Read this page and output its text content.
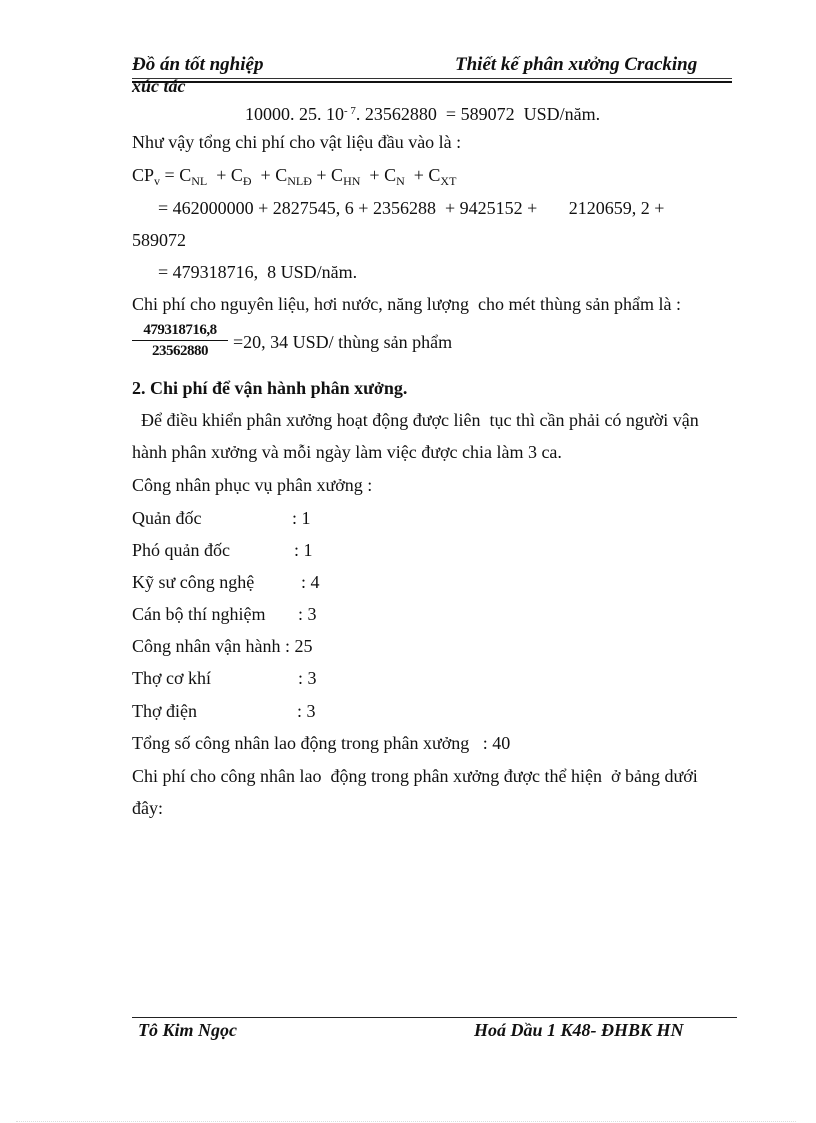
Đồ án tốt nghiệp	Thiết kế phân xưởng Cracking
xúc tác
10000. 25. $10^{- 7}$. 23562880  = 589072  USD/năm.
Như vậy tổng chi phí cho vật liệu đầu vào là :
$CP_v = C_{NL} + C_Đ + C_{NLĐ} + C_{HN} + C_N + C_{XT}$
= 462000000 + 2827545, 6 + 2356288  + 9425152 +       2120659, 2 +
589072
= 479318716,  8 USD/năm.
Chi phí cho nguyên liệu, hơi nước, năng lượng  cho mét thùng sản phẩm là :
$\frac{479318716,8}{23562880} =20$, 34 USD/ thùng sản phẩm
2. Chi phí để vận hành phân xưởng.
Để điều khiển phân xưởng hoạt động được liên  tục thì cần phải có người vận
hành phân xưởng và mỗi ngày làm việc được chia làm 3 ca.
Công nhân phục vụ phân xưởng :
Quản đốc	: 1
Phó quản đốc	: 1
Kỹ sư công nghệ	: 4
Cán bộ thí nghiệm : 3
Công nhân vận hành : 25
Thợ cơ khí	: 3
Thợ điện	: 3
Tổng số công nhân lao động trong phân xưởng : 40
Chi phí cho công nhân lao  động trong phân xưởng được thể hiện  ở bảng dưới
đây:
Tô Kim Ngọc	Hoá Dầu 1 K48- ĐHBK HN
